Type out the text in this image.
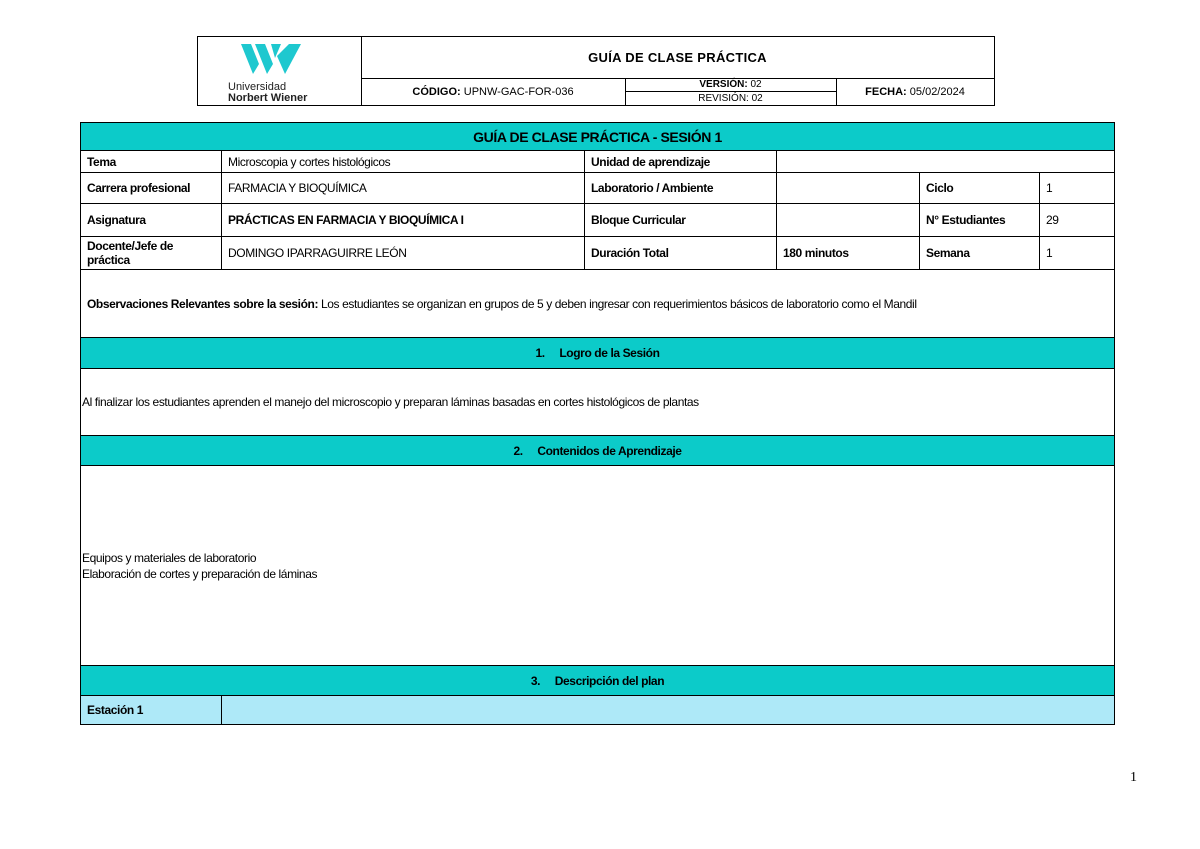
Universidad
Norbert Wiener
GUÍA DE CLASE PRÁCTICA
CÓDIGO:
UPNW-GAC-FOR-036
VERSIÓN: 02
REVISIÓN: 02
FECHA:
05/02/2024
GUÍA DE CLASE PRÁCTICA - SESIÓN 1					
Tema	Microscopia y cortes histológicos	Unidad de aprendizaje			
Carrera profesional	FARMACIA Y BIOQUÍMICA	Laboratorio / Ambiente		Ciclo	1
Asignatura	PRÁCTICAS EN FARMACIA Y BIOQUÍMICA I	Bloque Curricular		N° Estudiantes	29
Docente/Jefe de práctica	DOMINGO IPARRAGUIRRE LEÓN	Duración Total	180 minutos	Semana	1
Observaciones Relevantes sobre la sesión: Los estudiantes se organizan en grupos de 5 y deben ingresar con requerimientos básicos de laboratorio como el Mandil					
1.     Logro de la Sesión					
Al finalizar los estudiantes aprenden el manejo del microscopio y preparan láminas basadas en cortes histológicos de plantas					
2.     Contenidos de Aprendizaje					

Equipos y materiales de laboratorio
Elaboración de cortes y preparación de láminas					

3.     Descripción del plan					
Estación 1					
1
